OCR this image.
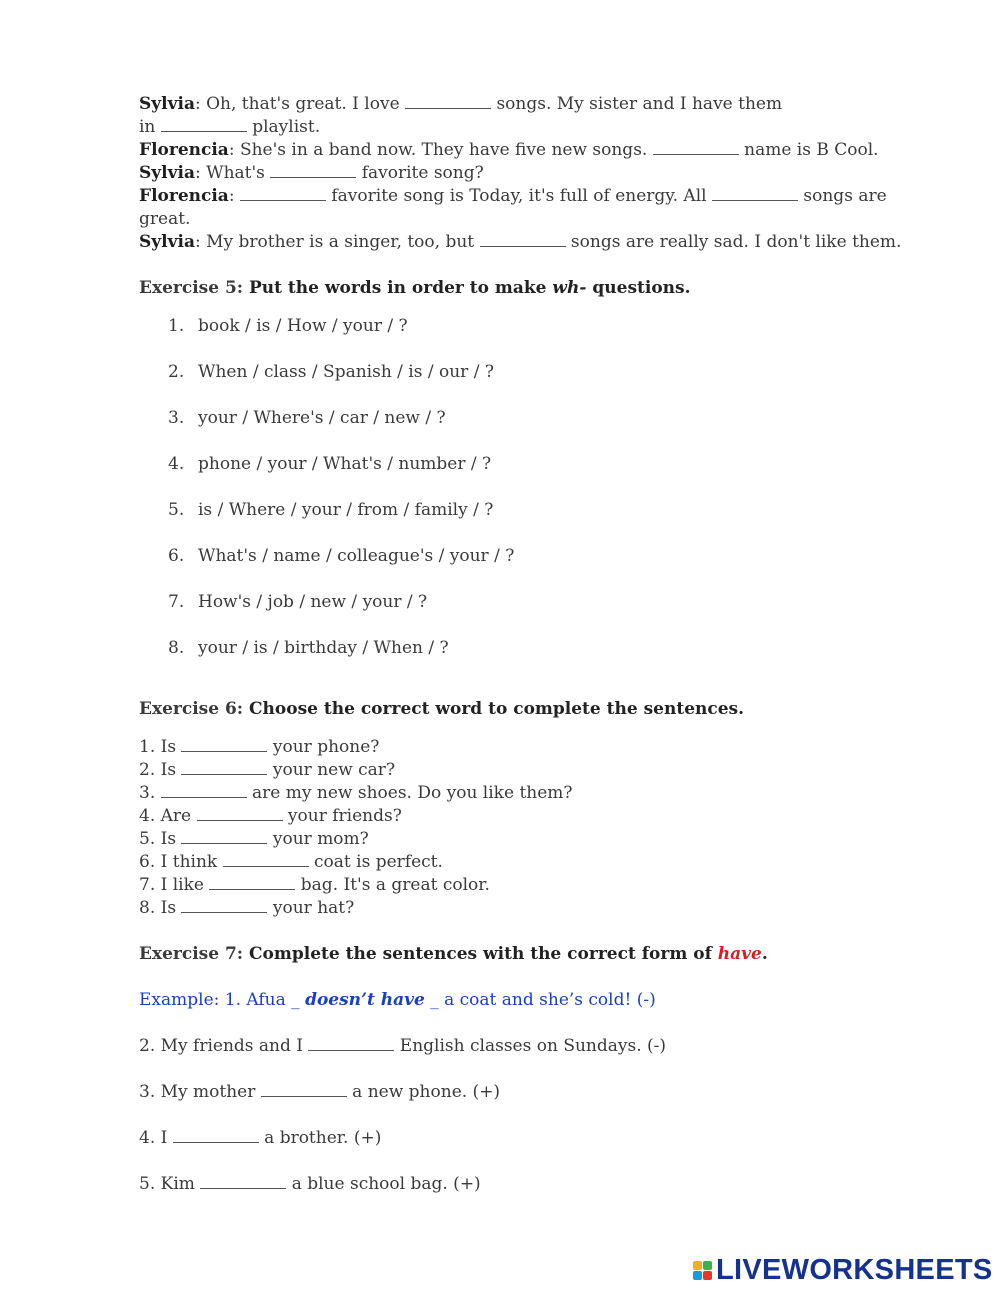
Sylvia: Oh, that's great. I love	songs. My sister and I have them
in	playlist.
Florencia: She's in a band now. They have five new songs.	name is B Cool.
Sylvia: What's	favorite song?
Florencia:	favorite song is Today, it's full of energy. All	songs are
great.
Sylvia: My brother is a singer, too, but	songs are really sad. I don't like them.
Exercise 5: Put the words in order to make wh- questions.
1. book / is / How / your / ?
2. When / class / Spanish / is / our / ?
3. your / Where's / car / new / ?
4. phone / your / What's / number / ?
5. is / Where / your / from / family / ?
6. What's / name / colleague's / your / ?
7. How's / job / new / your / ?
8. your / is / birthday / When / ?
Exercise 6: Choose the correct word to complete the sentences.
1. Is	your phone?
2. Is	your new car?
3.	are my new shoes. Do you like them?
4. Are	your friends?
5. Is	your mom?
6. I think	coat is perfect.
7. I like	bag. It's a great color.
8. Is	your hat?
Exercise 7: Complete the sentences with the correct form of have.
Example: 1. Afua _ doesn’t have _ a coat and she’s cold! (-)
2. My friends and I	English classes on Sundays. (-)
3. My mother	a new phone. (+)
4. I	a brother. (+)
5. Kim	a blue school bag. (+)
LIVEWORKSHEETS
